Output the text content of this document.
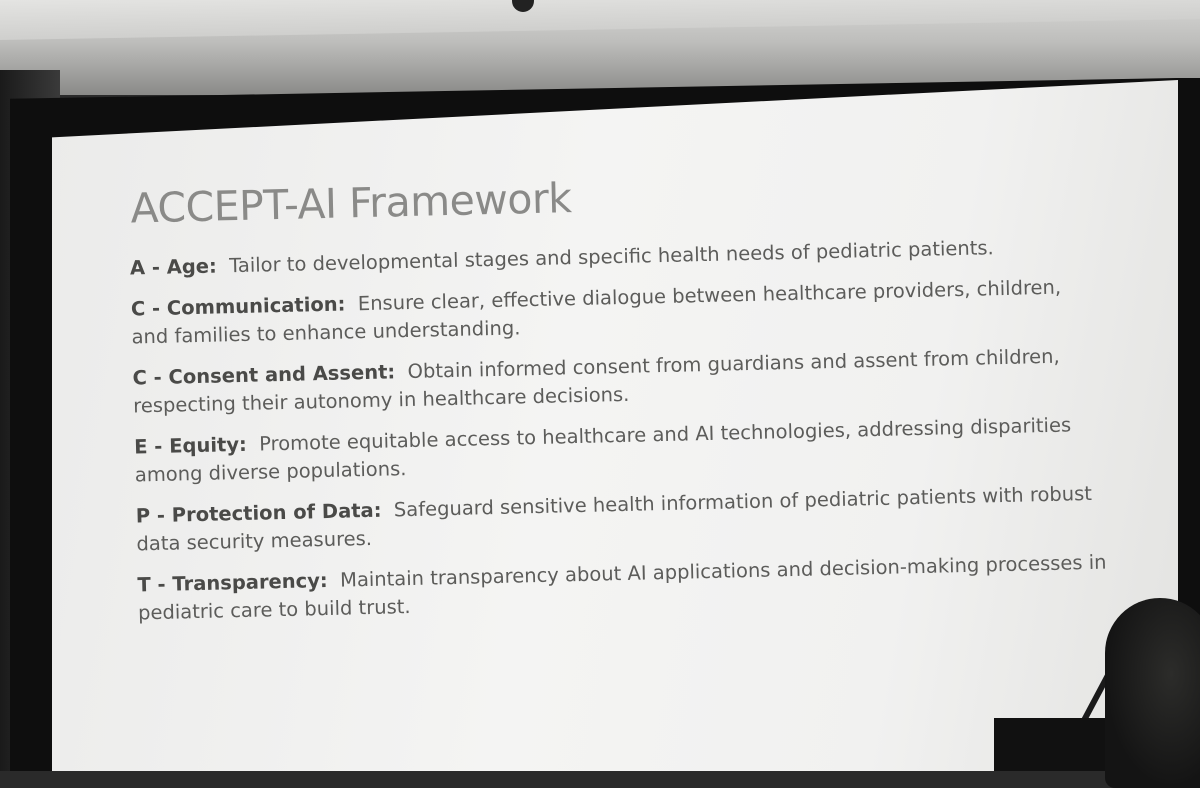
ACCEPT-AI Framework
A - Age: Tailor to developmental stages and specific health needs of pediatric patients.
C - Communication: Ensure clear, effective dialogue between healthcare providers, children, and families to enhance understanding.
C - Consent and Assent: Obtain informed consent from guardians and assent from children, respecting their autonomy in healthcare decisions.
E - Equity: Promote equitable access to healthcare and AI technologies, addressing disparities among diverse populations.
P - Protection of Data: Safeguard sensitive health information of pediatric patients with robust data security measures.
T - Transparency: Maintain transparency about AI applications and decision-making processes in pediatric care to build trust.
